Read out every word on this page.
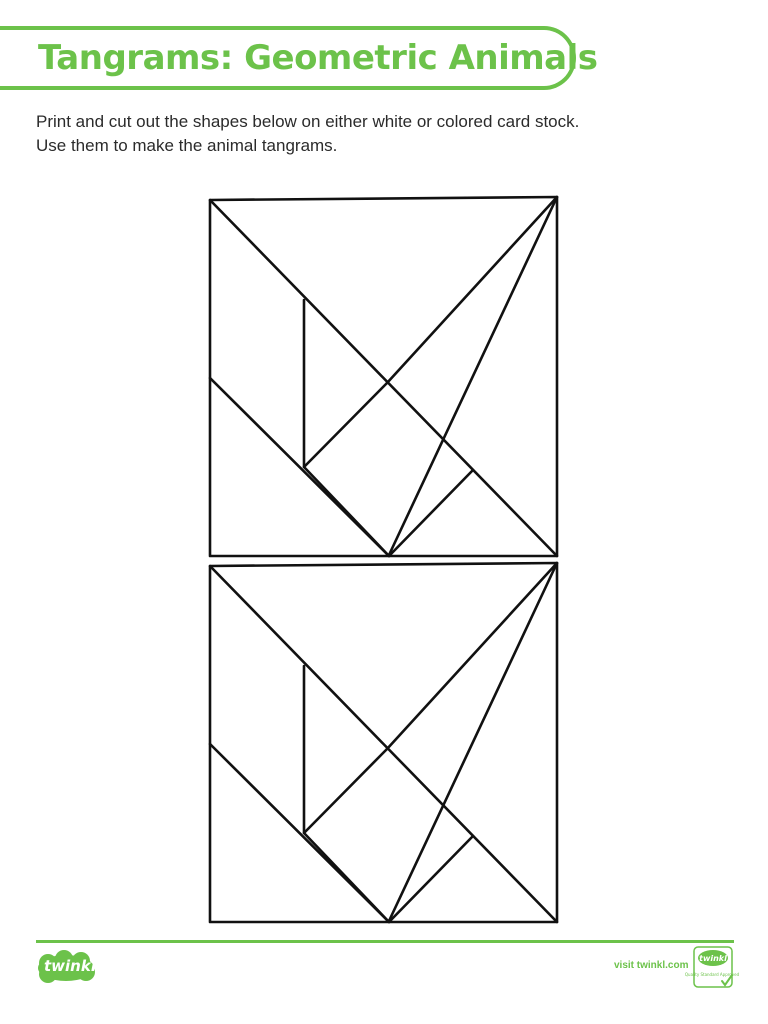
Tangrams: Geometric Animals
Print and cut out the shapes below on either white or colored card stock. Use them to make the animal tangrams.
twinkl	visit twinkl.com
twinkl
Quality Standard Approved
